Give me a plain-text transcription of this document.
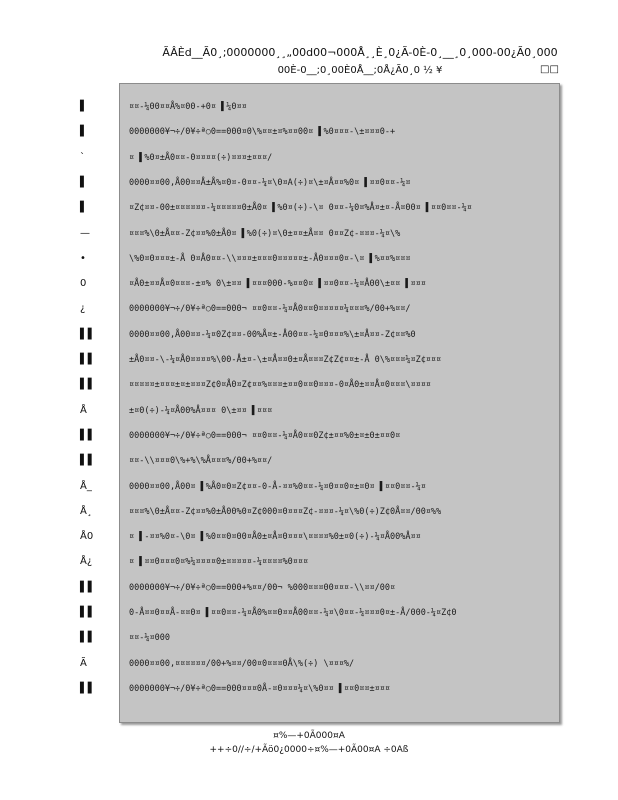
ÃÂÈd__Ã0¸;0000000¸¸„00d00¬000Å¸¸È¸0¿Ã-0È-0¸__¸0¸000-00¿Ã0¸000
00È-0__;0¸00È0Å__;0Å¿Ã0¸0 ½ ¥	□□
▌	¤¤-¼00¤¤Å%¤00-+0¤ ▌¼0¤¤
▌	0000000¥¬÷/0¥÷ª○0==000¤0\%¤¤±¤%¤¤00¤ ▌%0¤¤¤-\±¤¤¤0-+
`	¤ ▌%0¤±Å0¤¤-0¤¤¤¤(÷)¤¤¤±¤¤¤/
▌	0000¤¤00,Å00¤¤Å±Å%¤0¤-0¤¤-¼¤\0¤A(÷)¤\±¤Å¤¤%0¤ ▌¤¤0¤¤-¼¤
▌	¤Z¢¤¤-00±¤¤¤¤¤¤-¼¤¤¤¤¤0±Å0¤ ▌%0¤(÷)-\¤ 0¤¤-¼0¤%Å¤±¤-Å¤00¤ ▌¤¤0¤¤-¼¤
—	¤¤¤%\0±Å¤¤-Z¢¤¤%0±Å0¤ ▌%0(÷)¤\0±¤¤±Å¤¤ 0¤¤Z¢-¤¤¤-¼¤\%
•	\%0¤0¤¤¤±-Å 0¤Å0¤¤-\\¤¤¤±¤¤¤0¤¤¤¤¤±-Å0¤¤¤0¤-\¤ ▌%¤¤%¤¤¤
0	¤Å0±¤¤Å¤0¤¤¤-±¤% 0\±¤¤ ▌¤¤¤000-%¤¤0¤ ▌¤¤0¤¤-¼¤Å00\±¤¤ ▌¤¤¤
¿	0000000¥¬÷/0¥÷ª○0==000¬ ¤¤0¤¤-¼¤Å0¤¤0¤¤¤¤¤¼¤¤¤%/00+%¤¤/
▌▌	0000¤¤00,Å00¤¤-¼¤0Z¢¤¤-00%Å¤±-Å00¤¤-¼¤0¤¤¤%\±¤Å¤¤-Z¢¤¤%0
▌▌	±Å0¤¤-\-¼¤Å0¤¤¤¤%\00-Å±¤-\±¤Å¤¤0±¤Å¤¤¤Z¢Z¢¤¤±-Å 0\%¤¤¤¼¤Z¢¤¤¤
▌▌	¤¤¤¤¤±¤¤¤±¤±¤¤¤Z¢0¤Å0¤Z¢¤¤%¤¤¤±¤¤0¤¤0¤¤¤-0¤Å0±¤¤Å¤0¤¤¤\¤¤¤¤
Å	±¤0(÷)-¼¤Å00%Å¤¤¤ 0\±¤¤ ▌¤¤¤
▌▌	0000000¥¬÷/0¥÷ª○0==000¬ ¤¤0¤¤-¼¤Å0¤¤0Z¢±¤¤%0±¤±0±¤¤0¤
▌▌	¤¤-\\¤¤¤0\%+%\%Å¤¤¤%/00+%¤¤/
Å_	0000¤¤00,Å00¤ ▌%Å0¤0¤Z¢¤¤-0-Å-¤¤%0¤¤-¼¤0¤¤0¤±¤0¤ ▌¤¤0¤¤-¼¤
Å¸	¤¤¤%\0±Å¤¤-Z¢¤¤%0±Å00%0¤Z¢000¤0¤¤¤Z¢-¤¤¤-¼¤\%0(÷)Z¢0Å¤¤/00¤%%
Å0	¤ ▌-¤¤%0¤-\0¤ ▌%0¤¤0¤00¤Å0±¤Å¤0¤¤¤\¤¤¤¤%0±¤0(÷)-¼¤Å00%Å¤¤
Å¿	¤ ▌¤¤0¤¤¤0¤%¼¤¤¤¤0±¤¤¤¤¤-¼¤¤¤¤%0¤¤¤
▌▌	0000000¥¬÷/0¥÷ª○0==000+%¤¤/00¬ %000¤¤¤00¤¤¤-\\¤¤/00¤
▌▌	0-Å¤¤0¤¤Å-¤¤0¤ ▌¤¤0¤¤-¼¤Å0%¤¤0¤¤Å00¤¤-¼¤\0¤¤-¼¤¤¤0¤±-Å/000-¼¤Z¢0
▌▌	¤¤-¼¤000
Ã	0000¤¤00,¤¤¤¤¤¤/00+%¤¤/00¤0¤¤¤0Å\%(÷) \¤¤¤%/
▌▌	0000000¥¬÷/0¥÷ª○0==000¤¤¤0Å-¤0¤¤¤¼¤\%0¤¤ ▌¤¤0¤¤±¤¤¤
¤%—+0Ã000¤A
++÷0//÷/+Ãö0¿0000÷¤%—+0Ã00¤A ÷0Aß
